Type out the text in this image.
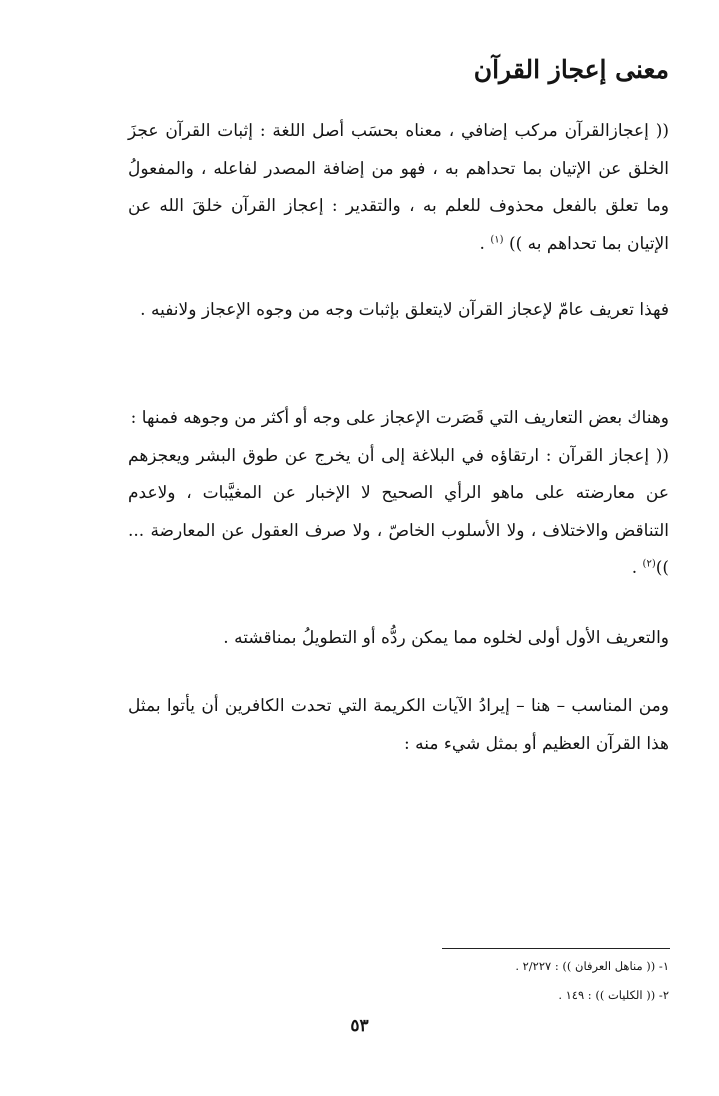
معنى إعجاز القرآن

(( إعجازالقرآن مركب إضافي ، معناه بحسَب أصل اللغة : إثبات القرآن عجزَ الخلق عن الإتيان بما تحداهم به ، فهو من إضافة المصدر لفاعله ، والمفعولُ وما تعلق بالفعل محذوف للعلم به ، والتقدير : إعجاز القرآن خلقَ الله عن الإتيان بما تحداهم به )) $^{(١)}$ .

فهذا تعريف عامّ لإعجاز القرآن لايتعلق بإثبات وجه من وجوه الإعجاز ولانفيه .

وهناك بعض التعاريف التي قَصَرت الإعجاز على وجه أو أكثر من وجوهه فمنها :
(( إعجاز القرآن : ارتقاؤه في البلاغة إلى أن يخرج عن طوق البشر ويعجزهم عن معارضته على ماهو الرأي الصحيح لا الإخبار عن المغيَّبات ، ولاعدم التناقض والاختلاف ، ولا الأسلوب الخاصّ ، ولا صرف العقول عن المعارضة ... ))$^{(٢)}$ .

والتعريف الأول أولى لخلوه مما يمكن ردُّه أو التطويلُ بمناقشته .

ومن المناسب – هنا – إيرادُ الآيات الكريمة التي تحدت الكافرين أن يأتوا بمثل هذا القرآن العظيم أو بمثل شيء منه :

١- (( مناهل العرفان )) : ٢/٢٢٧ .

٢- (( الكليات )) : ١٤٩ .

٥٣
